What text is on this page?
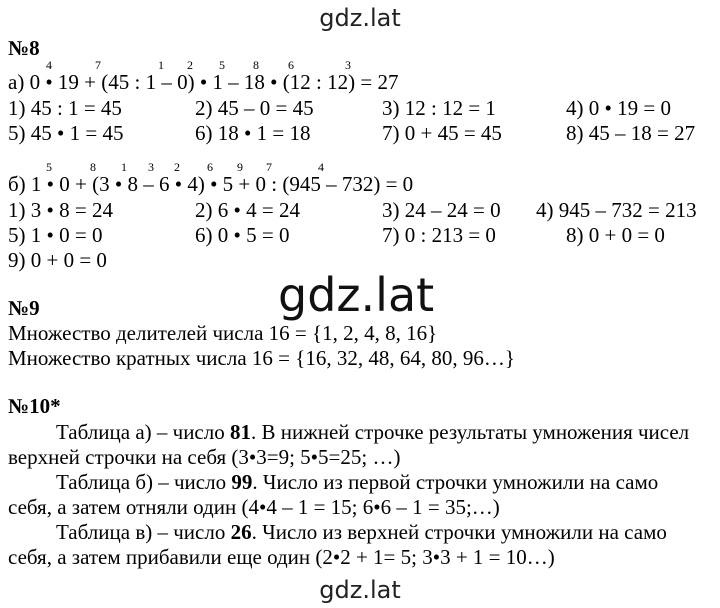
gdz.lat
gdz.lat
gdz.lat
№8
4	7	1 2 5 8 6	3
а) 0 • 19 + (45 : 1 – 0) • 1 – 18 • (12 : 12) = 27
1) 45 : 1 = 45	2) 45 – 0 = 45	3) 12 : 12 = 1	4) 0 • 19 = 0
5) 45 • 1 = 45	6) 18 • 1 = 18	7) 0 + 45 = 45	8) 45 – 18 = 27
5	8 1 3 2 6 9 7	4
б) 1 • 0 + (3 • 8 – 6 • 4) • 5 + 0 : (945 – 732) = 0
1) 3 • 8 = 24	2) 6 • 4 = 24	3) 24 – 24 = 0 4) 945 – 732 = 213
5) 1 • 0 = 0	6) 0 • 5 = 0	7) 0 : 213 = 0	8) 0 + 0 = 0
9) 0 + 0 = 0
№9
Множество делителей числа 16 = {1, 2, 4, 8, 16}
Множество кратных числа 16 = {16, 32, 48, 64, 80, 96…}
№10*
Таблица а) – число 81. В нижней строчке результаты умножения чисел
верхней строчки на себя (3•3=9; 5•5=25; …)
Таблица б) – число 99. Число из первой строчки умножили на само
себя, а затем отняли один (4•4 – 1 = 15; 6•6 – 1 = 35;…)
Таблица в) – число 26. Число из верхней строчки умножили на само
себя, а затем прибавили еще один (2•2 + 1= 5; 3•3 + 1 = 10…)
